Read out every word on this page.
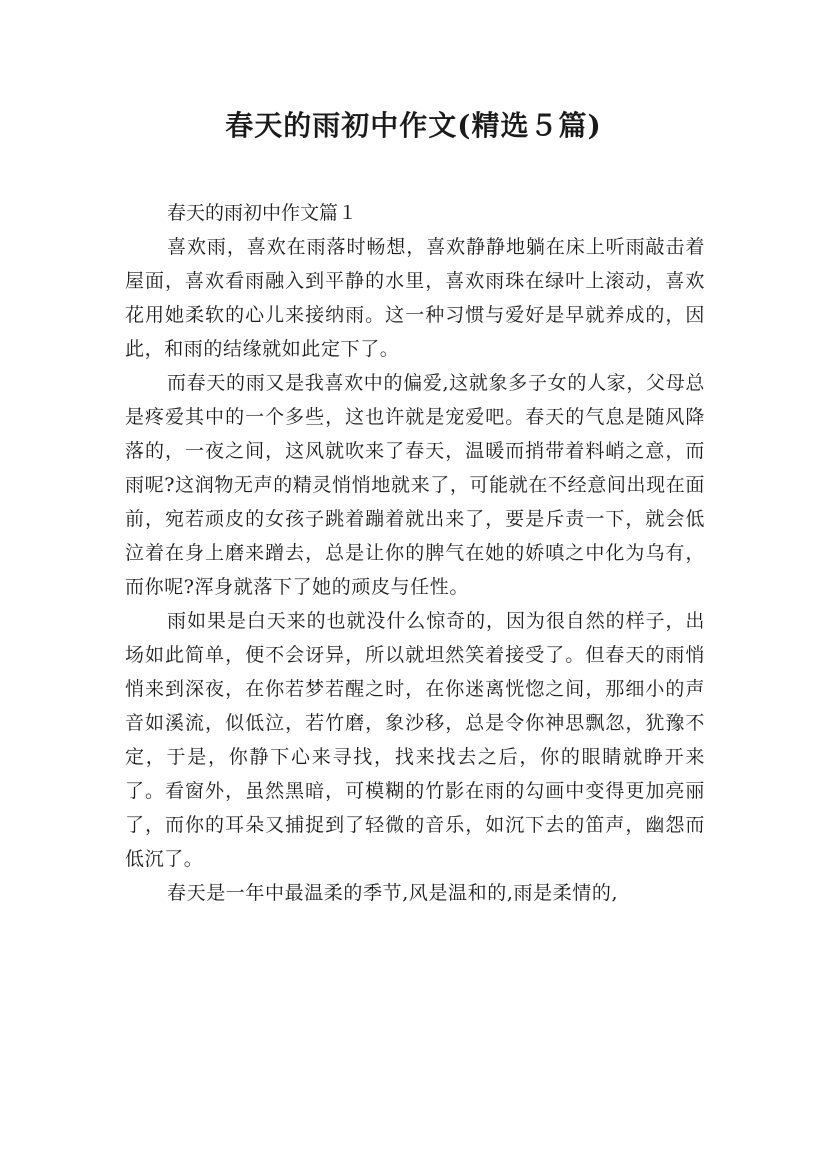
春天的雨初中作文(精选５篇)

春天的雨初中作文篇１

喜欢雨，喜欢在雨落时畅想，喜欢静静地躺在床上听雨敲击着屋面，喜欢看雨融入到平静的水里，喜欢雨珠在绿叶上滚动，喜欢花用她柔软的心儿来接纳雨。这一种习惯与爱好是早就养成的，因此，和雨的结缘就如此定下了。

而春天的雨又是我喜欢中的偏爱,这就象多子女的人家，父母总是疼爱其中的一个多些，这也许就是宠爱吧。春天的气息是随风降落的，一夜之间，这风就吹来了春天，温暖而捎带着料峭之意，而雨呢?这润物无声的精灵悄悄地就来了，可能就在不经意间出现在面前，宛若顽皮的女孩子跳着蹦着就出来了，要是斥责一下，就会低泣着在身上磨来蹭去，总是让你的脾气在她的娇嗔之中化为乌有，而你呢?浑身就落下了她的顽皮与任性。

雨如果是白天来的也就没什么惊奇的，因为很自然的样子，出场如此简单，便不会讶异，所以就坦然笑着接受了。但春天的雨悄悄来到深夜，在你若梦若醒之时，在你迷离恍惚之间，那细小的声音如溪流，似低泣，若竹磨，象沙移，总是令你神思飘忽，犹豫不定，于是，你静下心来寻找，找来找去之后，你的眼睛就睁开来了。看窗外，虽然黑暗，可模糊的竹影在雨的勾画中变得更加亮丽了，而你的耳朵又捕捉到了轻微的音乐，如沉下去的笛声，幽怨而低沉了。

春天是一年中最温柔的季节,风是温和的,雨是柔情的,
